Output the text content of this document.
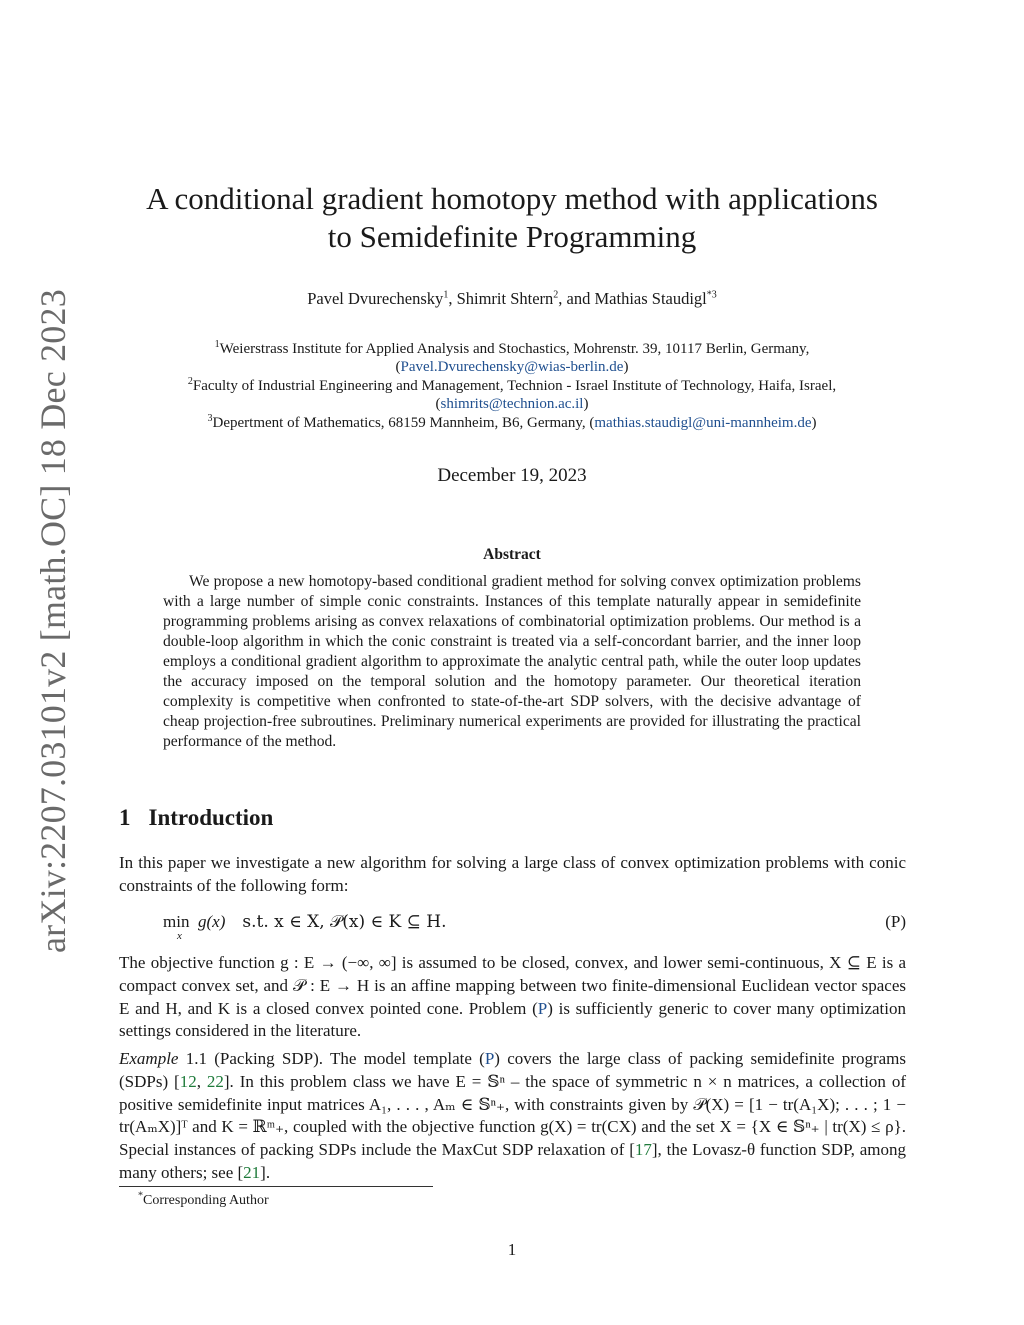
arXiv:2207.03101v2 [math.OC] 18 Dec 2023
A conditional gradient homotopy method with applications
to Semidefinite Programming
Pavel Dvurechensky$^1$, Shimrit Shtern$^2$, and Mathias Staudigl$^{*3}$
$^1$Weierstrass Institute for Applied Analysis and Stochastics, Mohrenstr. 39, 10117 Berlin, Germany,
(Pavel.Dvurechensky@wias-berlin.de)
$^2$Faculty of Industrial Engineering and Management, Technion - Israel Institute of Technology, Haifa, Israel,
(shimrits@technion.ac.il)
$^3$Depertment of Mathematics, 68159 Mannheim, B6, Germany, (mathias.staudigl@uni-mannheim.de)
December 19, 2023
Abstract

We propose a new homotopy-based conditional gradient method for solving convex optimization problems with a large number of simple conic constraints. Instances of this template naturally appear in semidefinite programming problems arising as convex relaxations of combinatorial optimization problems. Our method is a double-loop algorithm in which the conic constraint is treated via a self-concordant barrier, and the inner loop employs a conditional gradient algorithm to approximate the analytic central path, while the outer loop updates the accuracy imposed on the temporal solution and the homotopy parameter. Our theoretical iteration complexity is competitive when confronted to state-of-the-art SDP solvers, with the decisive advantage of cheap projection-free subroutines. Preliminary numerical experiments are provided for illustrating the practical performance of the method.

1 Introduction

In this paper we investigate a new algorithm for solving a large class of convex optimization problems with conic constraints of the following form:

min
x
g(x) s.t. x ∈ X, 𝒫(x) ∈ K ⊆ H.	(P)

The objective function g : E → (−∞, ∞] is assumed to be closed, convex, and lower semi-continuous, X ⊆ E is a compact convex set, and 𝒫 : E → H is an affine mapping between two finite-dimensional Euclidean vector spaces E and H, and K is a closed convex pointed cone. Problem (P) is sufficiently generic to cover many optimization settings considered in the literature.

Example 1.1 (Packing SDP). The model template (P) covers the large class of packing semidefinite programs (SDPs) [12, 22]. In this problem class we have E = 𝕊ⁿ – the space of symmetric n × n matrices, a collection of positive semidefinite input matrices A₁, . . . , Aₘ ∈ 𝕊ⁿ₊, with constraints given by 𝒫(X) = [1 − tr(A₁X); . . . ; 1 − tr(AₘX)]ᵀ and K = ℝᵐ₊, coupled with the objective function g(X) = tr(CX) and the set X = {X ∈ 𝕊ⁿ₊ | tr(X) ≤ ρ}. Special instances of packing SDPs include the MaxCut SDP relaxation of [17], the Lovasz-θ function SDP, among many others; see [21].

*Corresponding Author
1
